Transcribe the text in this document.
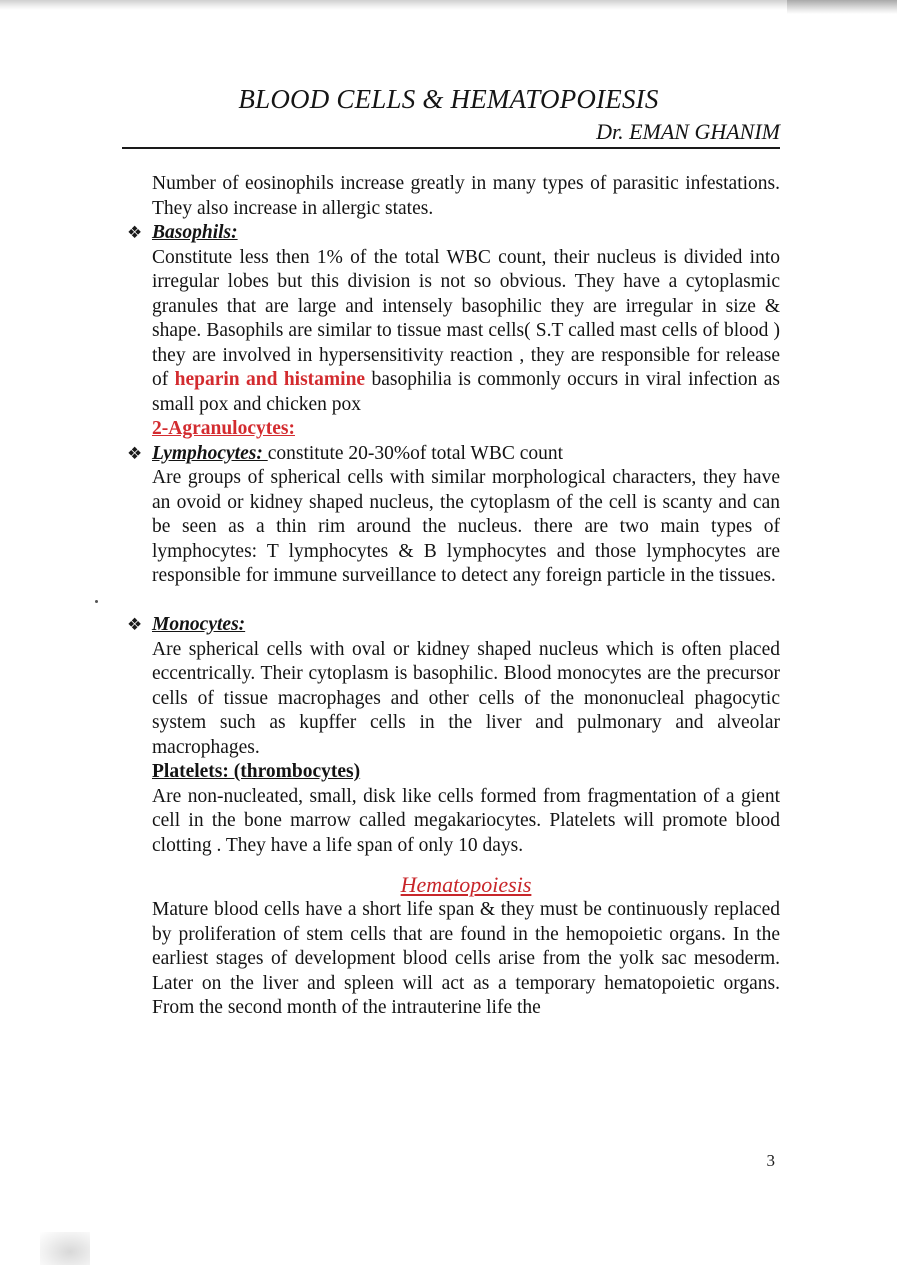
BLOOD CELLS & HEMATOPOIESIS
Dr. EMAN GHANIM

Number of eosinophils increase greatly in many types of parasitic infestations. They also increase in allergic states.

❖ Basophils:

Constitute less then 1% of the total WBC count, their nucleus is divided into irregular lobes but this division is not so obvious. They have a cytoplasmic granules that are large and intensely basophilic they are irregular in size & shape. Basophils are similar to tissue mast cells( S.T called mast cells of blood ) they are involved in hypersensitivity reaction , they are responsible for release of heparin and histamine basophilia is commonly occurs in viral infection as small pox and chicken pox

2-Agranulocytes:
❖ Lymphocytes: constitute 20-30%of total WBC count

Are groups of spherical cells with similar morphological characters, they have an ovoid or kidney shaped nucleus, the cytoplasm of the cell is scanty and can be seen as a thin rim around the nucleus. there are two main types of lymphocytes: T lymphocytes & B lymphocytes and those lymphocytes are responsible for immune surveillance to detect any foreign particle in the tissues.

❖ Monocytes:

Are spherical cells with oval or kidney shaped nucleus which is often placed eccentrically. Their cytoplasm is basophilic. Blood monocytes are the precursor cells of tissue macrophages and other cells of the mononucleal phagocytic system such as kupffer cells in the liver and pulmonary and alveolar macrophages.

Platelets: (thrombocytes)

Are non-nucleated, small, disk like cells formed from fragmentation of a gient cell in the bone marrow called megakariocytes. Platelets will promote blood clotting . They have a life span of only 10 days.

Hematopoiesis

Mature blood cells have a short life span & they must be continuously replaced by proliferation of stem cells that are found in the hemopoietic organs. In the earliest stages of development blood cells arise from the yolk sac mesoderm. Later on the liver and spleen will act as a temporary hematopoietic organs. From the second month of the intrauterine life the

3
